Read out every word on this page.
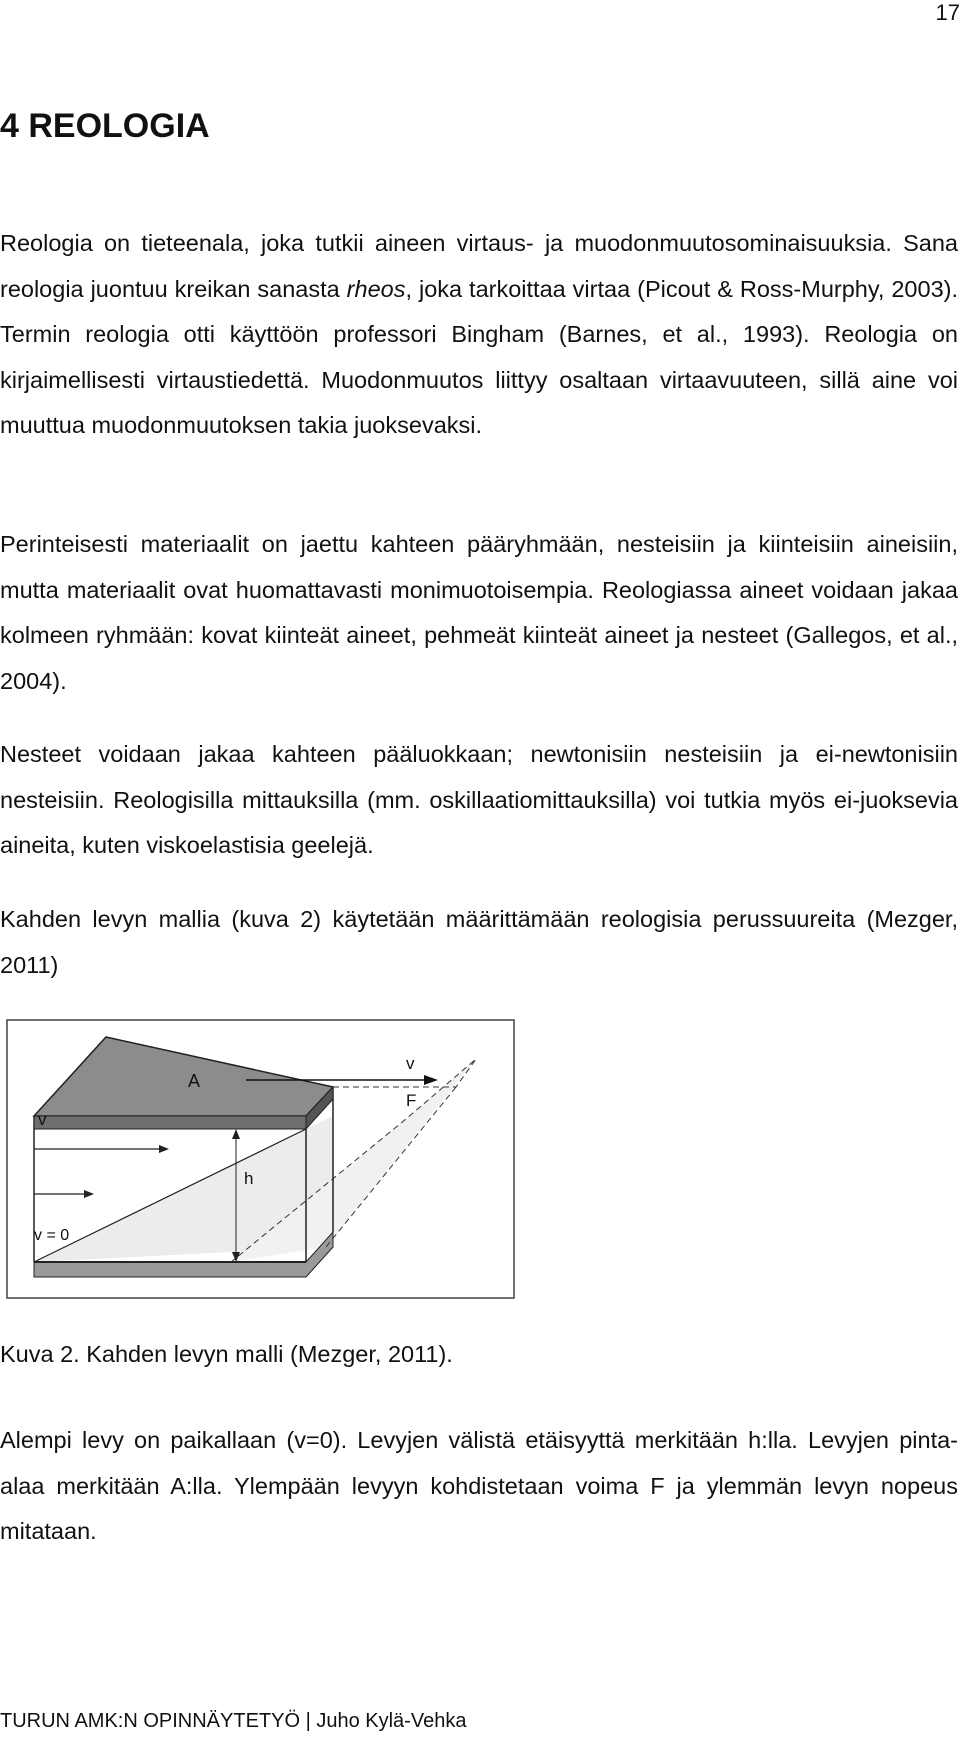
17
4 REOLOGIA

Reologia on tieteenala, joka tutkii aineen virtaus- ja muodonmuutosominaisuuksia. Sana reologia juontuu kreikan sanasta rheos, joka tarkoittaa virtaa (Picout & Ross-Murphy, 2003). Termin reologia otti käyttöön professori Bingham (Barnes, et al., 1993). Reologia on kirjaimellisesti virtaustiedettä. Muodonmuutos liittyy osaltaan virtaavuuteen, sillä aine voi muuttua muodonmuutoksen takia juoksevaksi.

Perinteisesti materiaalit on jaettu kahteen pääryhmään, nesteisiin ja kiinteisiin aineisiin, mutta materiaalit ovat huomattavasti monimuotoisempia. Reologiassa aineet voidaan jakaa kolmeen ryhmään: kovat kiinteät aineet, pehmeät kiinteät aineet ja nesteet (Gallegos, et al., 2004).

Nesteet voidaan jakaa kahteen pääluokkaan; newtonisiin nesteisiin ja ei-newtonisiin nesteisiin. Reologisilla mittauksilla (mm. oskillaatiomittauksilla) voi tutkia myös ei-juoksevia aineita, kuten viskoelastisia geelejä.

Kahden levyn mallia (kuva 2) käytetään määrittämään reologisia perussuureita (Mezger, 2011)

A
v
F
v
h
v = 0

Kuva 2. Kahden levyn malli (Mezger, 2011).

Alempi levy on paikallaan (v=0). Levyjen välistä etäisyyttä merkitään h:lla. Levyjen pinta-alaa merkitään A:lla. Ylempään levyyn kohdistetaan voima F ja ylemmän levyn nopeus mitataan.

TURUN AMK:N OPINNÄYTETYÖ | Juho Kylä-Vehka
